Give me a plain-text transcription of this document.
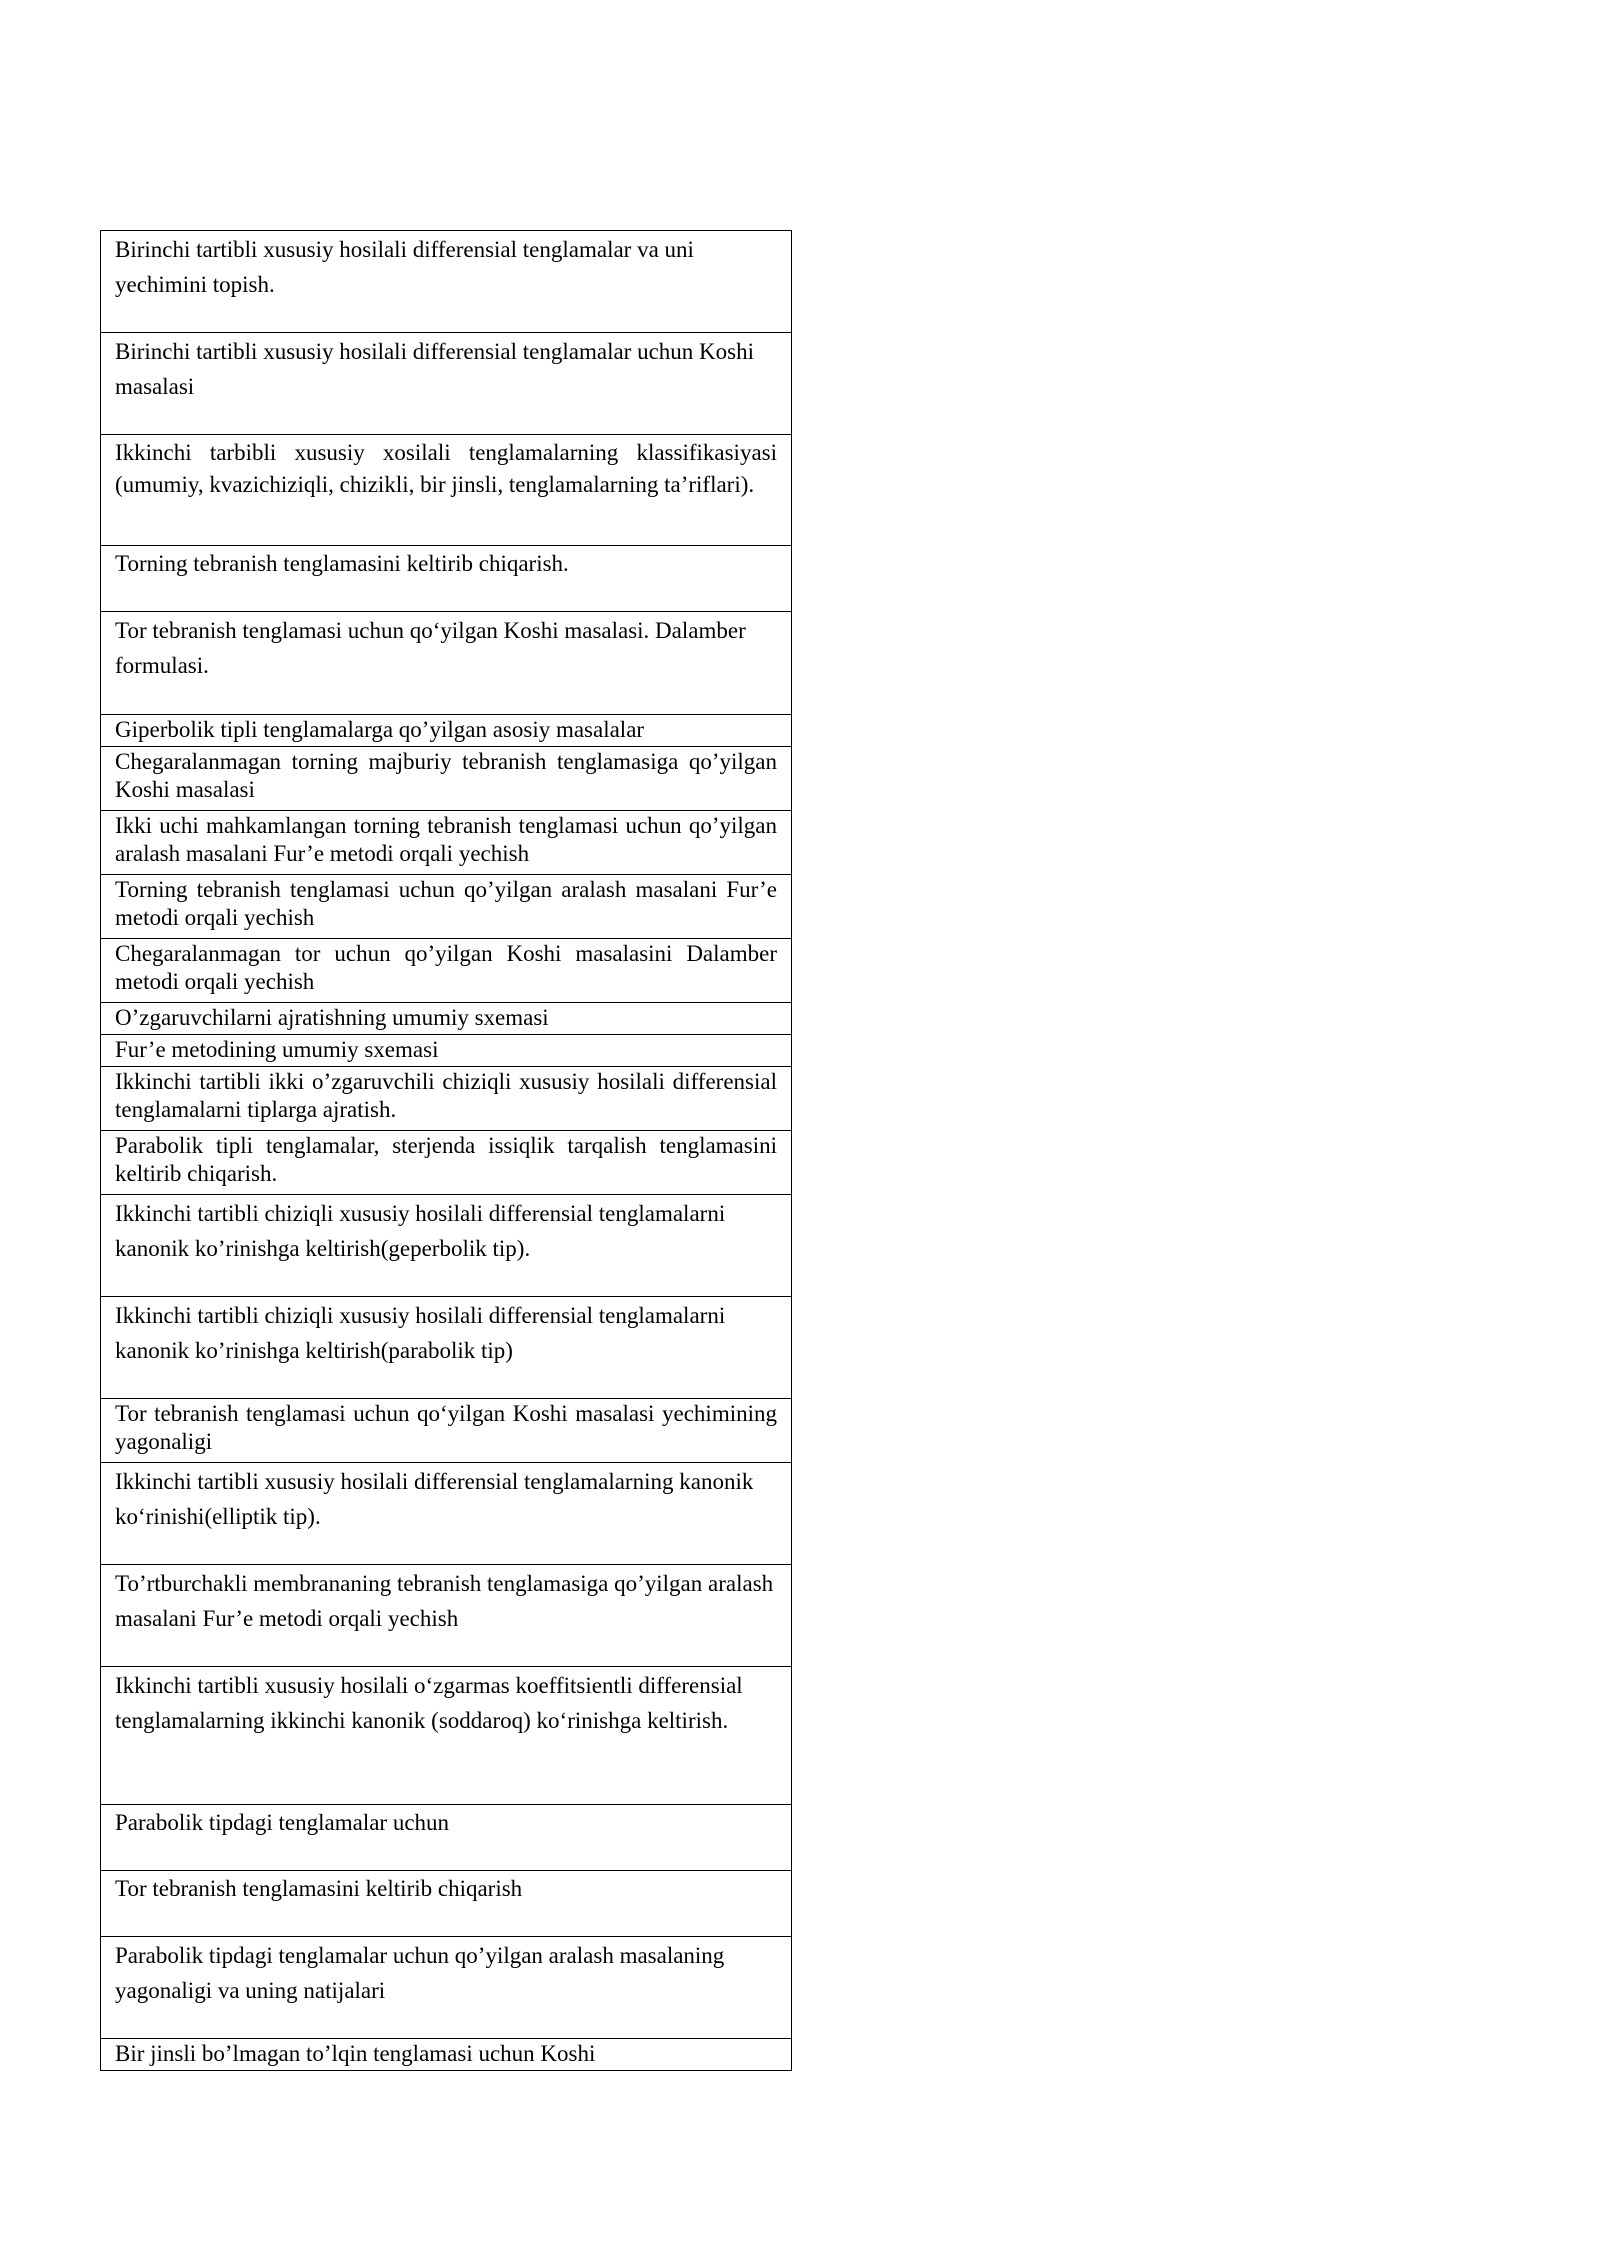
Birinchi tartibli xususiy hosilali differensial tenglamalar va uni yechimini topish.
Birinchi tartibli xususiy hosilali differensial tenglamalar uchun Koshi masalasi
Ikkinchi tarbibli xususiy xosilali tenglamalarning klassifikasiyasi (umumiy, kvazichiziqli, chizikli, bir jinsli, tenglamalarning ta’riflari).
Torning tebranish tenglamasini keltirib chiqarish.
Tor tebranish tenglamasi uchun qo‘yilgan Koshi masalasi. Dalamber formulasi.
Giperbolik tipli tenglamalarga qo’yilgan asosiy masalalar
Chegaralanmagan torning majburiy tebranish tenglamasiga qo’yilgan Koshi masalasi
Ikki uchi mahkamlangan torning tebranish tenglamasi uchun qo’yilgan aralash masalani Fur’e metodi orqali yechish
Torning tebranish tenglamasi uchun qo’yilgan aralash masalani Fur’e metodi orqali yechish
Chegaralanmagan tor uchun qo’yilgan Koshi masalasini Dalamber metodi orqali yechish
O’zgaruvchilarni ajratishning umumiy sxemasi
Fur’e metodining umumiy sxemasi
Ikkinchi tartibli ikki o’zgaruvchili chiziqli xususiy hosilali differensial tenglamalarni tiplarga ajratish.
Parabolik tipli tenglamalar, sterjenda issiqlik tarqalish tenglamasini keltirib chiqarish.
Ikkinchi tartibli chiziqli xususiy hosilali differensial tenglamalarni kanonik ko’rinishga keltirish(geperbolik tip).
Ikkinchi tartibli chiziqli xususiy hosilali differensial tenglamalarni kanonik ko’rinishga keltirish(parabolik tip)
Tor tebranish tenglamasi uchun qo‘yilgan Koshi masalasi yechimining yagonaligi
Ikkinchi tartibli xususiy hosilali differensial tenglamalarning kanonik ko‘rinishi(elliptik tip).
To’rtburchakli membrananing tebranish tenglamasiga qo’yilgan aralash masalani Fur’e metodi orqali yechish
Ikkinchi tartibli xususiy hosilali o‘zgarmas koeffitsientli differensial tenglamalarning ikkinchi kanonik (soddaroq) ko‘rinishga keltirish.
Parabolik tipdagi tenglamalar uchun
Tor tebranish tenglamasini keltirib chiqarish
Parabolik tipdagi tenglamalar uchun qo’yilgan aralash masalaning yagonaligi va uning natijalari
Bir jinsli bo’lmagan to’lqin tenglamasi uchun Koshi
